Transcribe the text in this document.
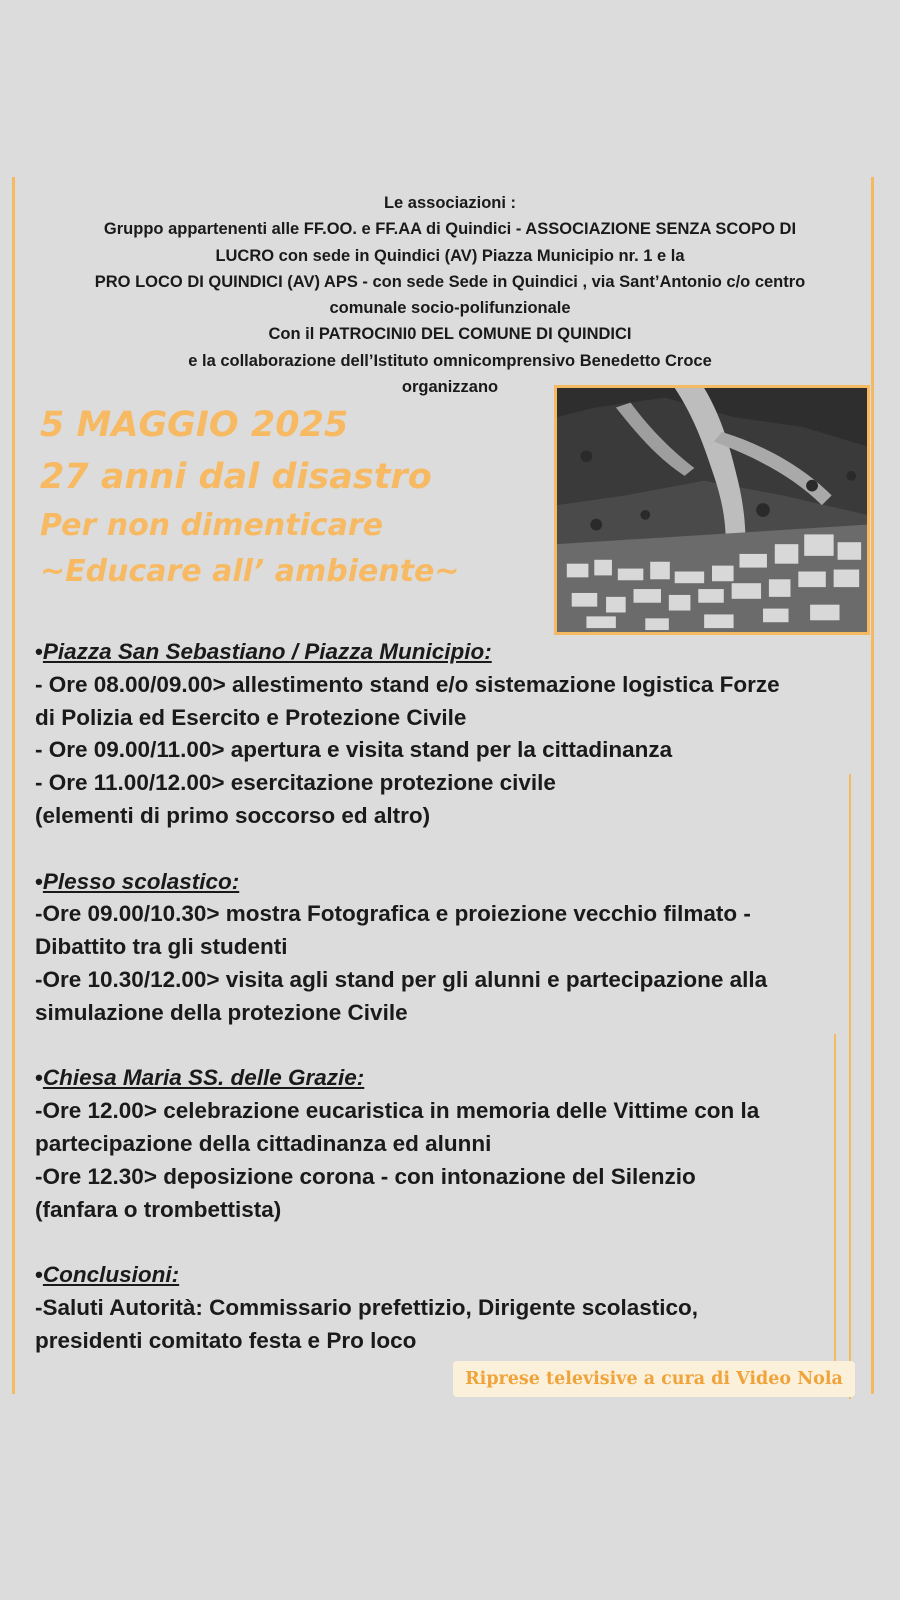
Le associazioni :
Gruppo appartenenti alle FF.OO. e FF.AA di Quindici - ASSOCIAZIONE SENZA SCOPO DI
LUCRO con sede in Quindici (AV) Piazza Municipio nr. 1 e la
PRO LOCO DI QUINDICI (AV) APS - con sede Sede in Quindici , via Sant’Antonio c/o centro
comunale socio-polifunzionale
Con il PATROCINI0 DEL COMUNE DI QUINDICI
e la collaborazione dell’Istituto omnicomprensivo Benedetto Croce
organizzano
5 MAGGIO 2025
27 anni dal disastro
Per non dimenticare
~Educare all’ ambiente~
•Piazza San Sebastiano / Piazza Municipio:
- Ore 08.00/09.00> allestimento stand e/o sistemazione logistica Forze
di Polizia ed Esercito e Protezione Civile
- Ore 09.00/11.00> apertura e visita stand per la cittadinanza
- Ore 11.00/12.00> esercitazione protezione civile
(elementi di primo soccorso ed altro)
•Plesso scolastico:
-Ore 09.00/10.30> mostra Fotografica e proiezione vecchio filmato -
Dibattito tra gli studenti
-Ore 10.30/12.00> visita agli stand per gli alunni e partecipazione alla
simulazione della protezione Civile
•Chiesa Maria SS. delle Grazie:
-Ore 12.00> celebrazione eucaristica in memoria delle Vittime con la
partecipazione della cittadinanza ed alunni
-Ore 12.30> deposizione corona - con intonazione del Silenzio
(fanfara o trombettista)
•Conclusioni:
-Saluti Autorità: Commissario prefettizio, Dirigente scolastico,
presidenti comitato festa e Pro loco
Riprese televisive a cura di Video Nola
